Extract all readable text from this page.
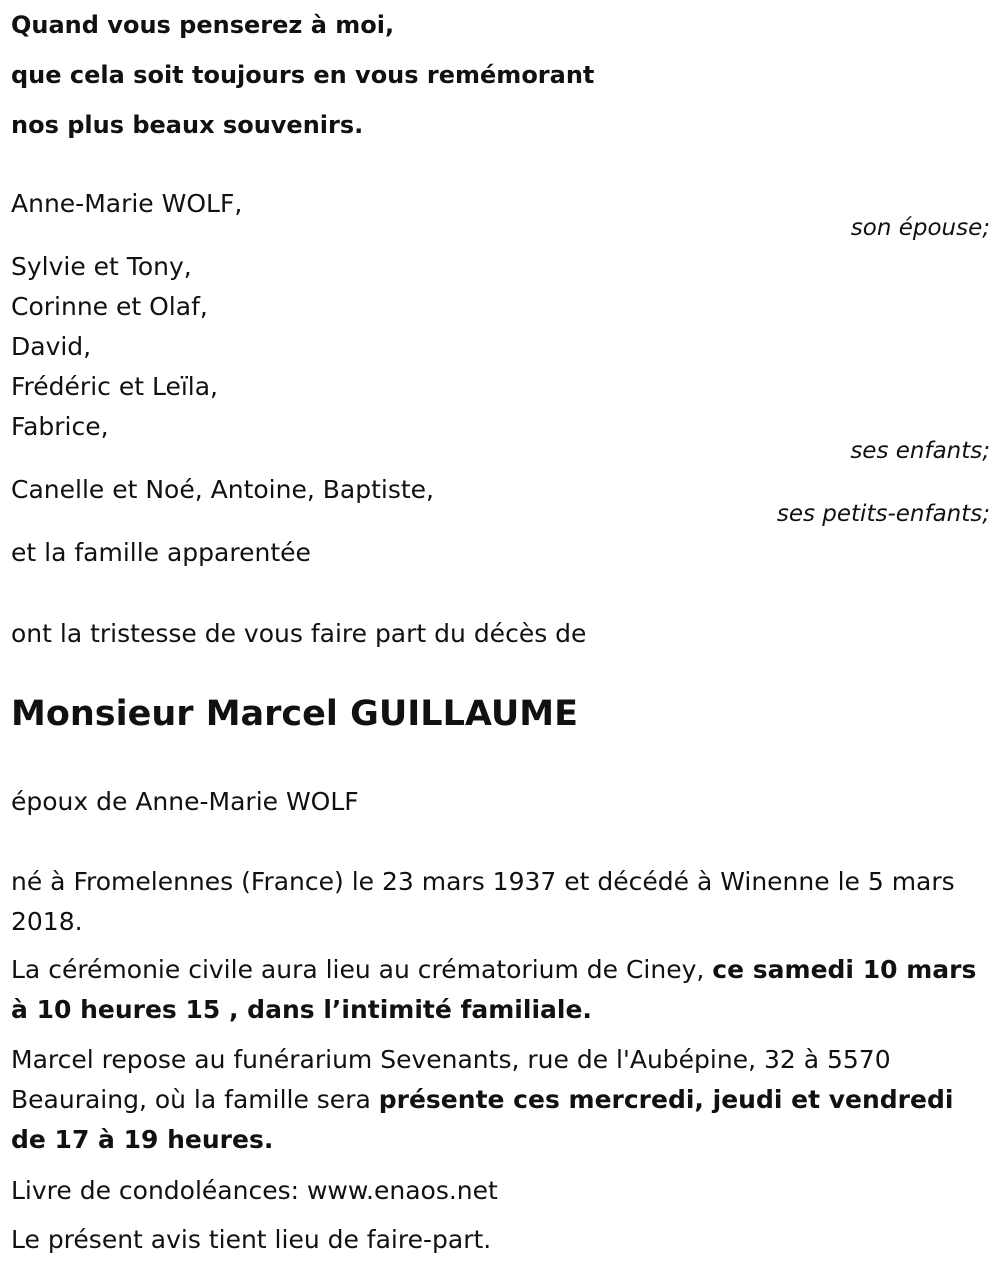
Quand vous penserez à moi,
que cela soit toujours en vous remémorant
nos plus beaux souvenirs.
Anne-Marie WOLF,
son épouse;
Sylvie et Tony,
Corinne et Olaf,
David,
Frédéric et Leïla,
Fabrice,
ses enfants;
Canelle et Noé, Antoine, Baptiste,
ses petits-enfants;
et la famille apparentée
ont la tristesse de vous faire part du décès de
Monsieur Marcel GUILLAUME
époux de Anne-Marie WOLF

né à Fromelennes (France) le 23 mars 1937 et décédé à Winenne le 5 mars 2018.

La cérémonie civile aura lieu au crématorium de Ciney, ce samedi 10 mars à 10 heures 15 , dans l’intimité familiale.

Marcel repose au funérarium Sevenants, rue de l'Aubépine, 32 à 5570 Beauraing, où la famille sera présente ces mercredi, jeudi et vendredi de 17 à 19 heures.

Livre de condoléances: www.enaos.net
Le présent avis tient lieu de faire-part.
